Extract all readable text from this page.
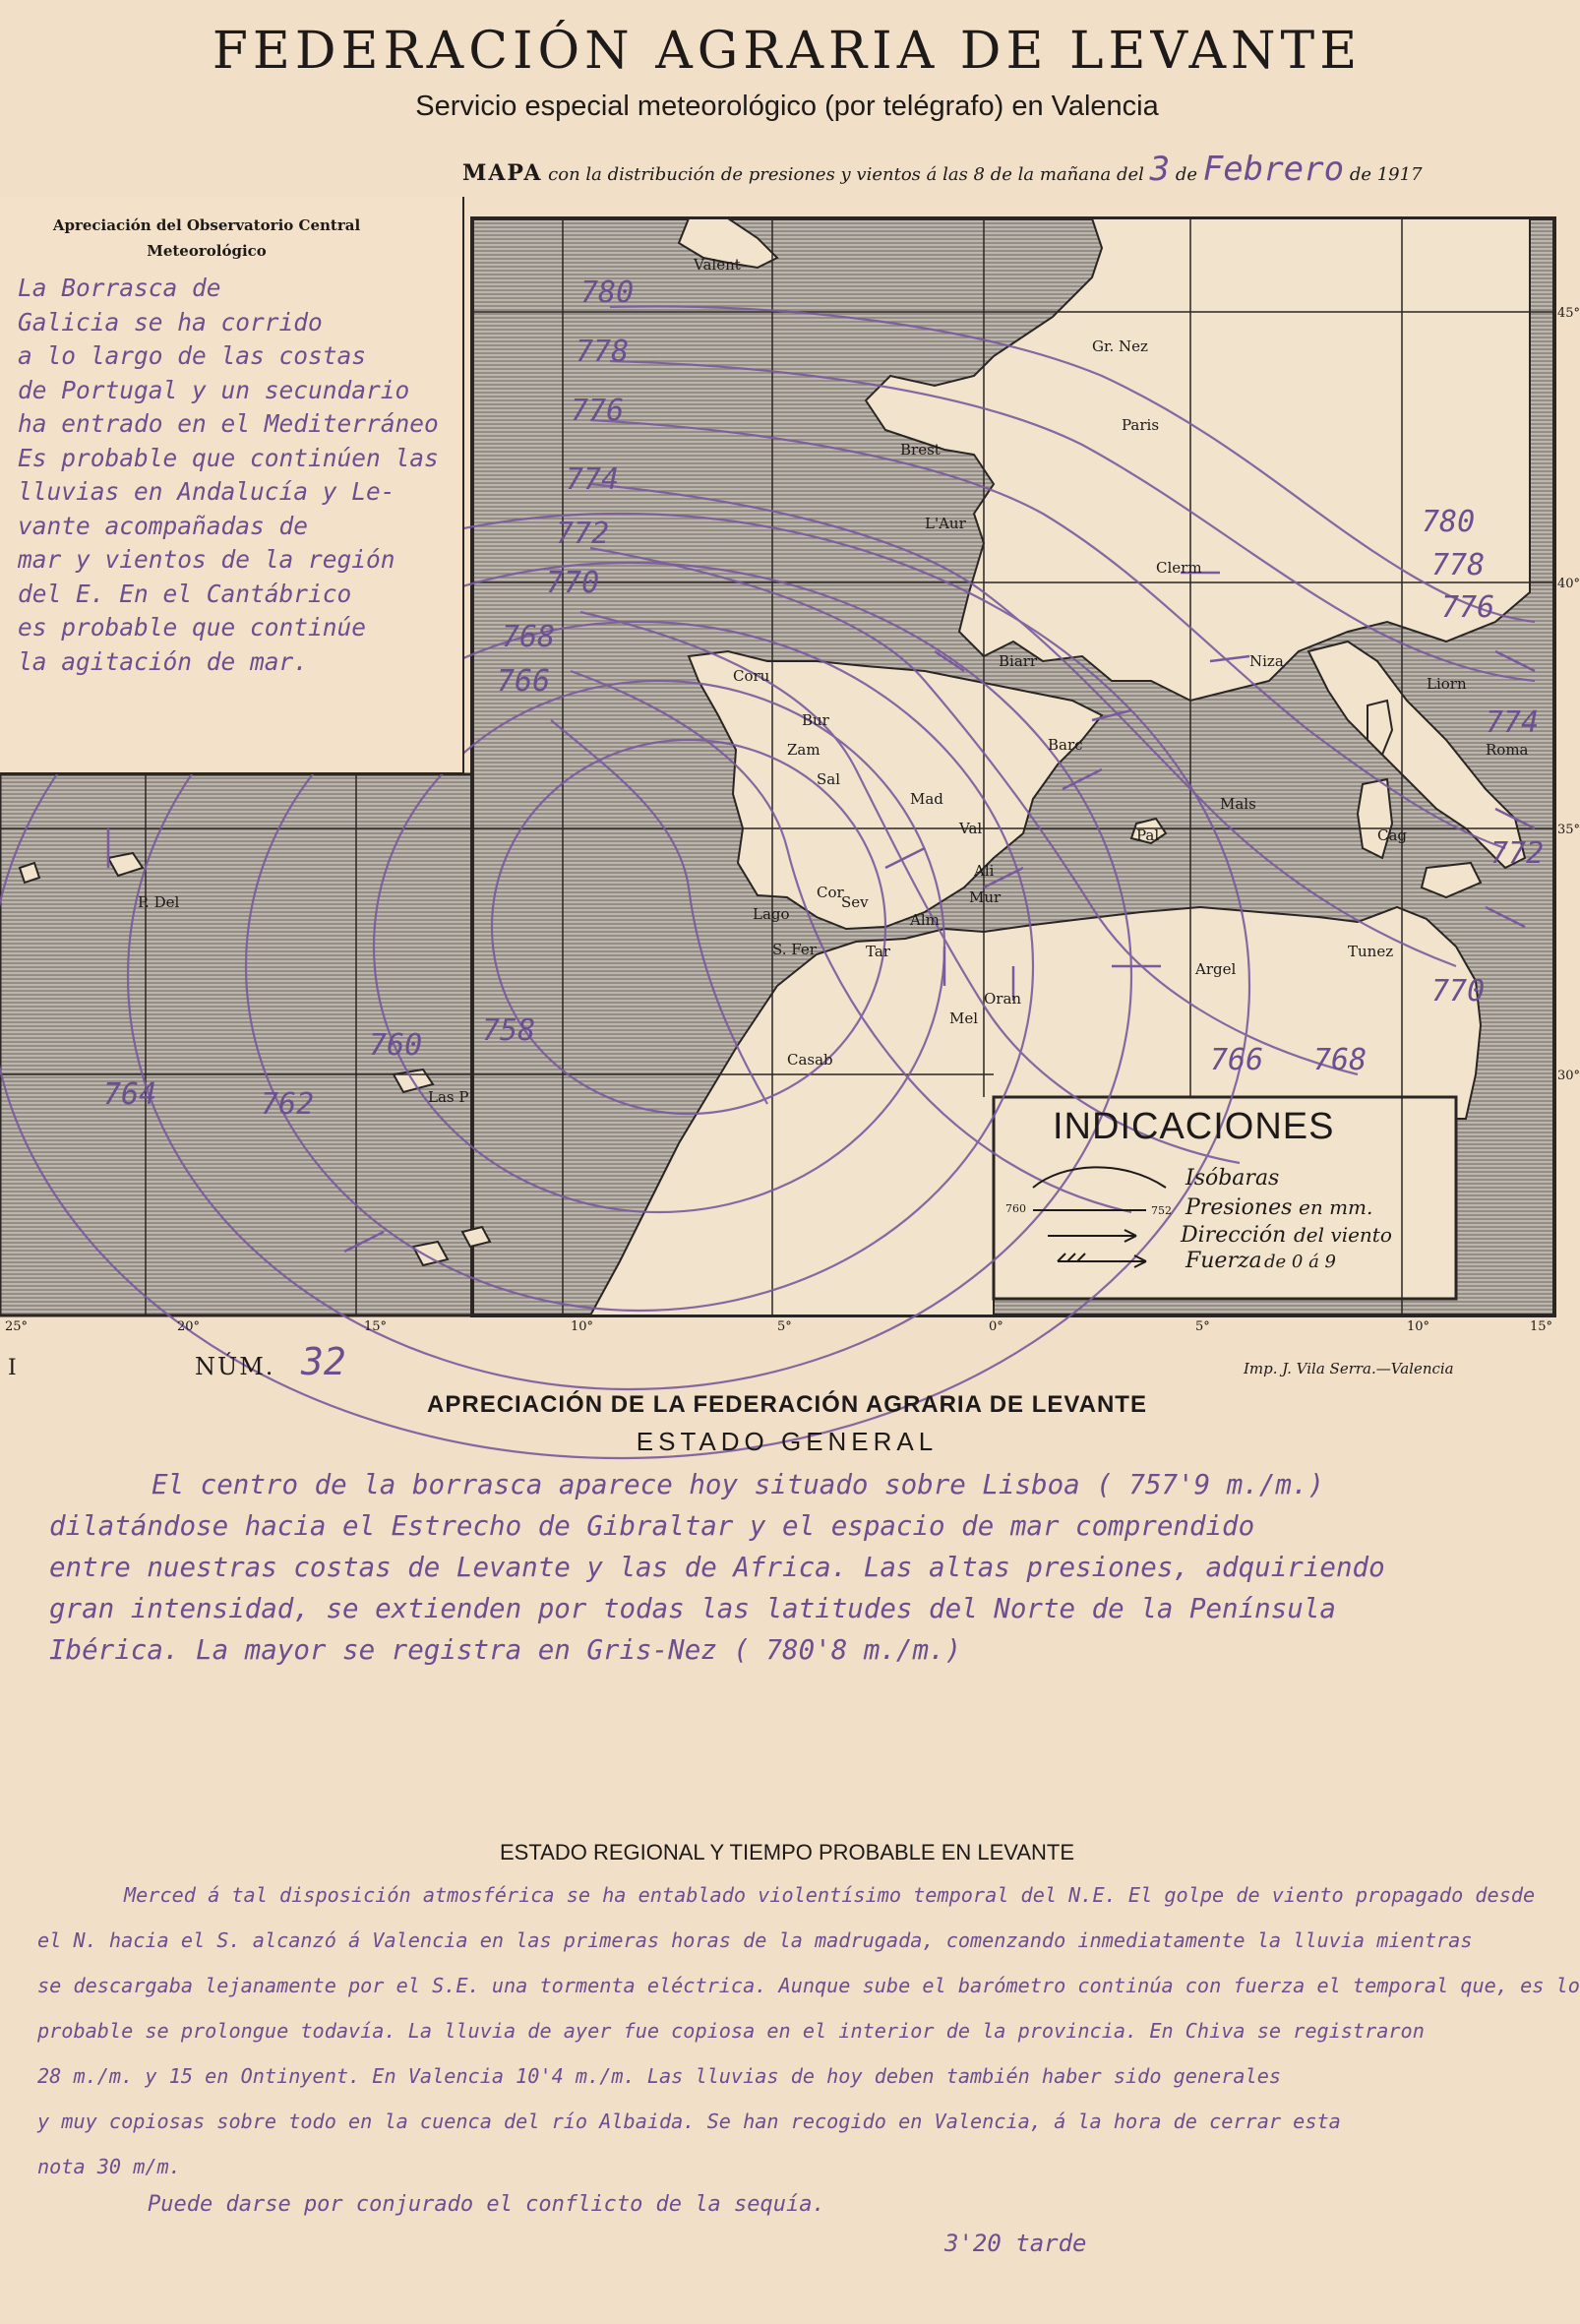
FEDERACIÓN AGRARIA DE LEVANTE
Servicio especial meteorológico (por telégrafo) en Valencia
MAPA con la distribución de presiones y vientos á las 8 de la mañana del 3 de Febrero de 1917
780
778
776
774
772
770
768
766
764	762
760 758
780
778
776
774
772
770
766 768
Valent
Gr. Nez
Paris
Brest
L'Aur
Clerm
Biarr	Niza
Liorn
Roma
Coru
Bur
Zam	Barc
Sal
Mad
Val	Pal	Cag
Ali
Sev	Mur
Alm
S. Fer	Tar
Lago
Mel
Oran
Argel
Tunez
Casab
P. Del
Las P
Mals
Cor
45°
40°
35°
30°
25°	20°	15°	10°	5°	0°	5°	10°	15°
INDICACIONES
Isóbaras
760	752 Presiones en mm.
Dirección del viento
Fuerza de 0 á 9
Apreciación del Observatorio Central
Meteorológico
La Borrasca de
Galicia se ha corrido
a lo largo de las costas
de Portugal y un secundario
ha entrado en el Mediterráneo
Es probable que continúen las
lluvias en Andalucía y Le-
vante acompañadas de
mar y vientos de la región
del E. En el Cantábrico
es probable que continúe
la agitación de mar.
I	NÚM. 32	Imp. J. Vila Serra.—Valencia
APRECIACIÓN DE LA FEDERACIÓN AGRARIA DE LEVANTE
ESTADO GENERAL
El centro de la borrasca aparece hoy situado sobre Lisboa ( 757'9 m./m.)
dilatándose hacia el Estrecho de Gibraltar y el espacio de mar comprendido
entre nuestras costas de Levante y las de Africa. Las altas presiones, adquiriendo
gran intensidad, se extienden por todas las latitudes del Norte de la Península
Ibérica. La mayor se registra en Gris-Nez ( 780'8 m./m.)
ESTADO REGIONAL Y TIEMPO PROBABLE EN LEVANTE
Merced á tal disposición atmosférica se ha entablado violentísimo temporal del N.E. El golpe de viento propagado desde
el N. hacia el S. alcanzó á Valencia en las primeras horas de la madrugada, comenzando inmediatamente la lluvia mientras
se descargaba lejanamente por el S.E. una tormenta eléctrica. Aunque sube el barómetro continúa con fuerza el temporal que, es lo
probable se prolongue todavía. La lluvia de ayer fue copiosa en el interior de la provincia. En Chiva se registraron
28 m./m. y 15 en Ontinyent. En Valencia 10'4 m./m. Las lluvias de hoy deben también haber sido generales
y muy copiosas sobre todo en la cuenca del río Albaida. Se han recogido en Valencia, á la hora de cerrar esta
nota 30 m/m.
Puede darse por conjurado el conflicto de la sequía.
3'20 tarde
